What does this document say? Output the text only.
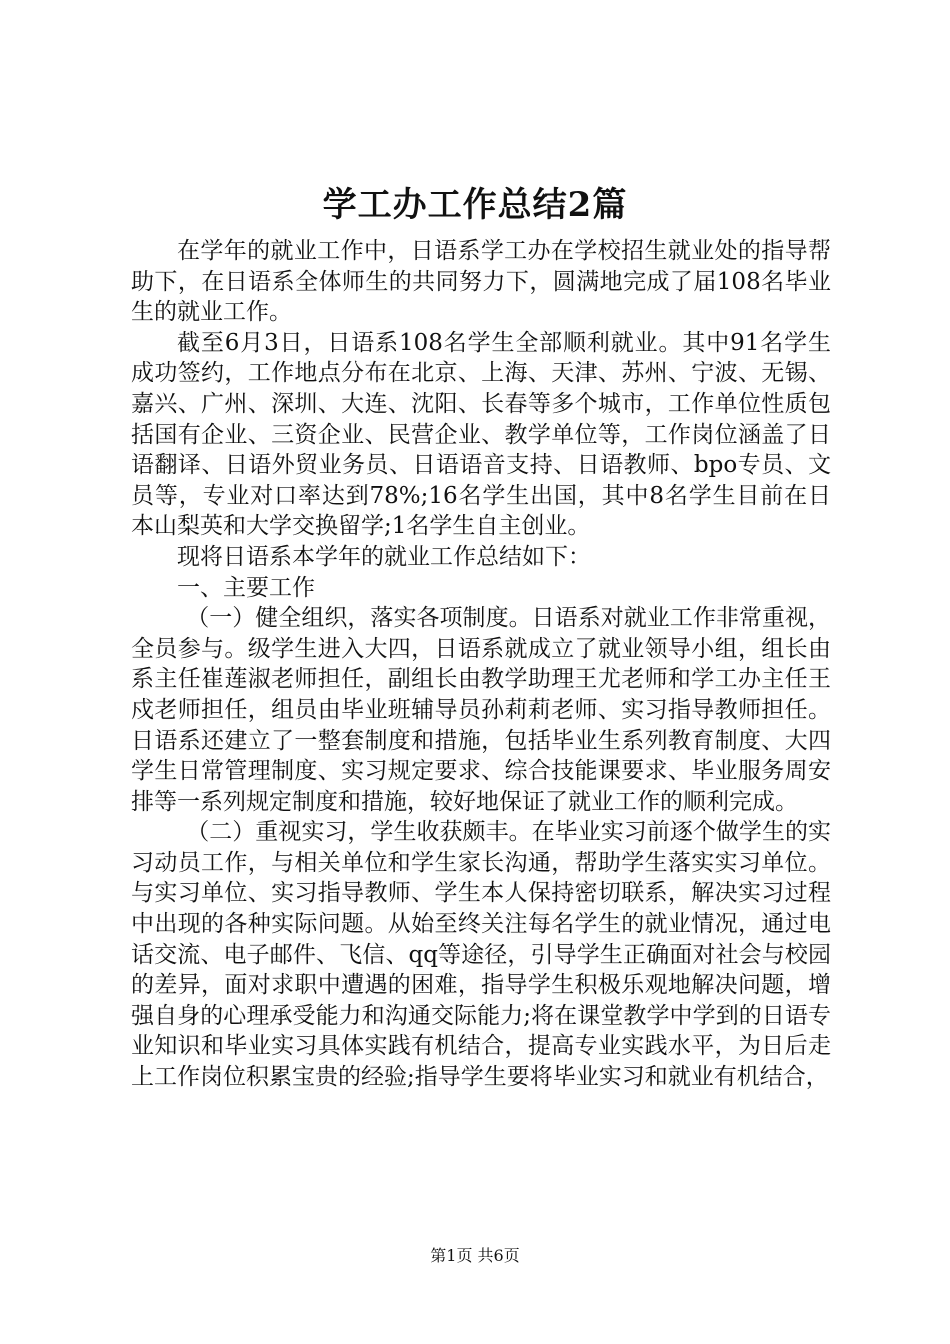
学工办工作总结2篇

在学年的就业工作中，日语系学工办在学校招生就业处的指导帮助下，在日语系全体师生的共同努力下，圆满地完成了届108名毕业生的就业工作。

截至6月3日，日语系108名学生全部顺利就业。其中91名学生成功签约，工作地点分布在北京、上海、天津、苏州、宁波、无锡、嘉兴、广州、深圳、大连、沈阳、长春等多个城市，工作单位性质包括国有企业、三资企业、民营企业、教学单位等，工作岗位涵盖了日语翻译、日语外贸业务员、日语语音支持、日语教师、bpo专员、文员等，专业对口率达到78%;16名学生出国，其中8名学生目前在日本山梨英和大学交换留学;1名学生自主创业。

现将日语系本学年的就业工作总结如下：

一、主要工作

（一）健全组织，落实各项制度。日语系对就业工作非常重视，全员参与。级学生进入大四，日语系就成立了就业领导小组，组长由系主任崔莲淑老师担任，副组长由教学助理王尤老师和学工办主任王戍老师担任，组员由毕业班辅导员孙莉莉老师、实习指导教师担任。日语系还建立了一整套制度和措施，包括毕业生系列教育制度、大四学生日常管理制度、实习规定要求、综合技能课要求、毕业服务周安排等一系列规定制度和措施，较好地保证了就业工作的顺利完成。

（二）重视实习，学生收获颇丰。在毕业实习前逐个做学生的实习动员工作，与相关单位和学生家长沟通，帮助学生落实实习单位。与实习单位、实习指导教师、学生本人保持密切联系，解决实习过程中出现的各种实际问题。从始至终关注每名学生的就业情况，通过电话交流、电子邮件、飞信、qq等途径，引导学生正确面对社会与校园的差异，面对求职中遭遇的困难，指导学生积极乐观地解决问题，增强自身的心理承受能力和沟通交际能力;将在课堂教学中学到的日语专业知识和毕业实习具体实践有机结合，提高专业实践水平，为日后走上工作岗位积累宝贵的经验;指导学生要将毕业实习和就业有机结合，

第1页 共6页
